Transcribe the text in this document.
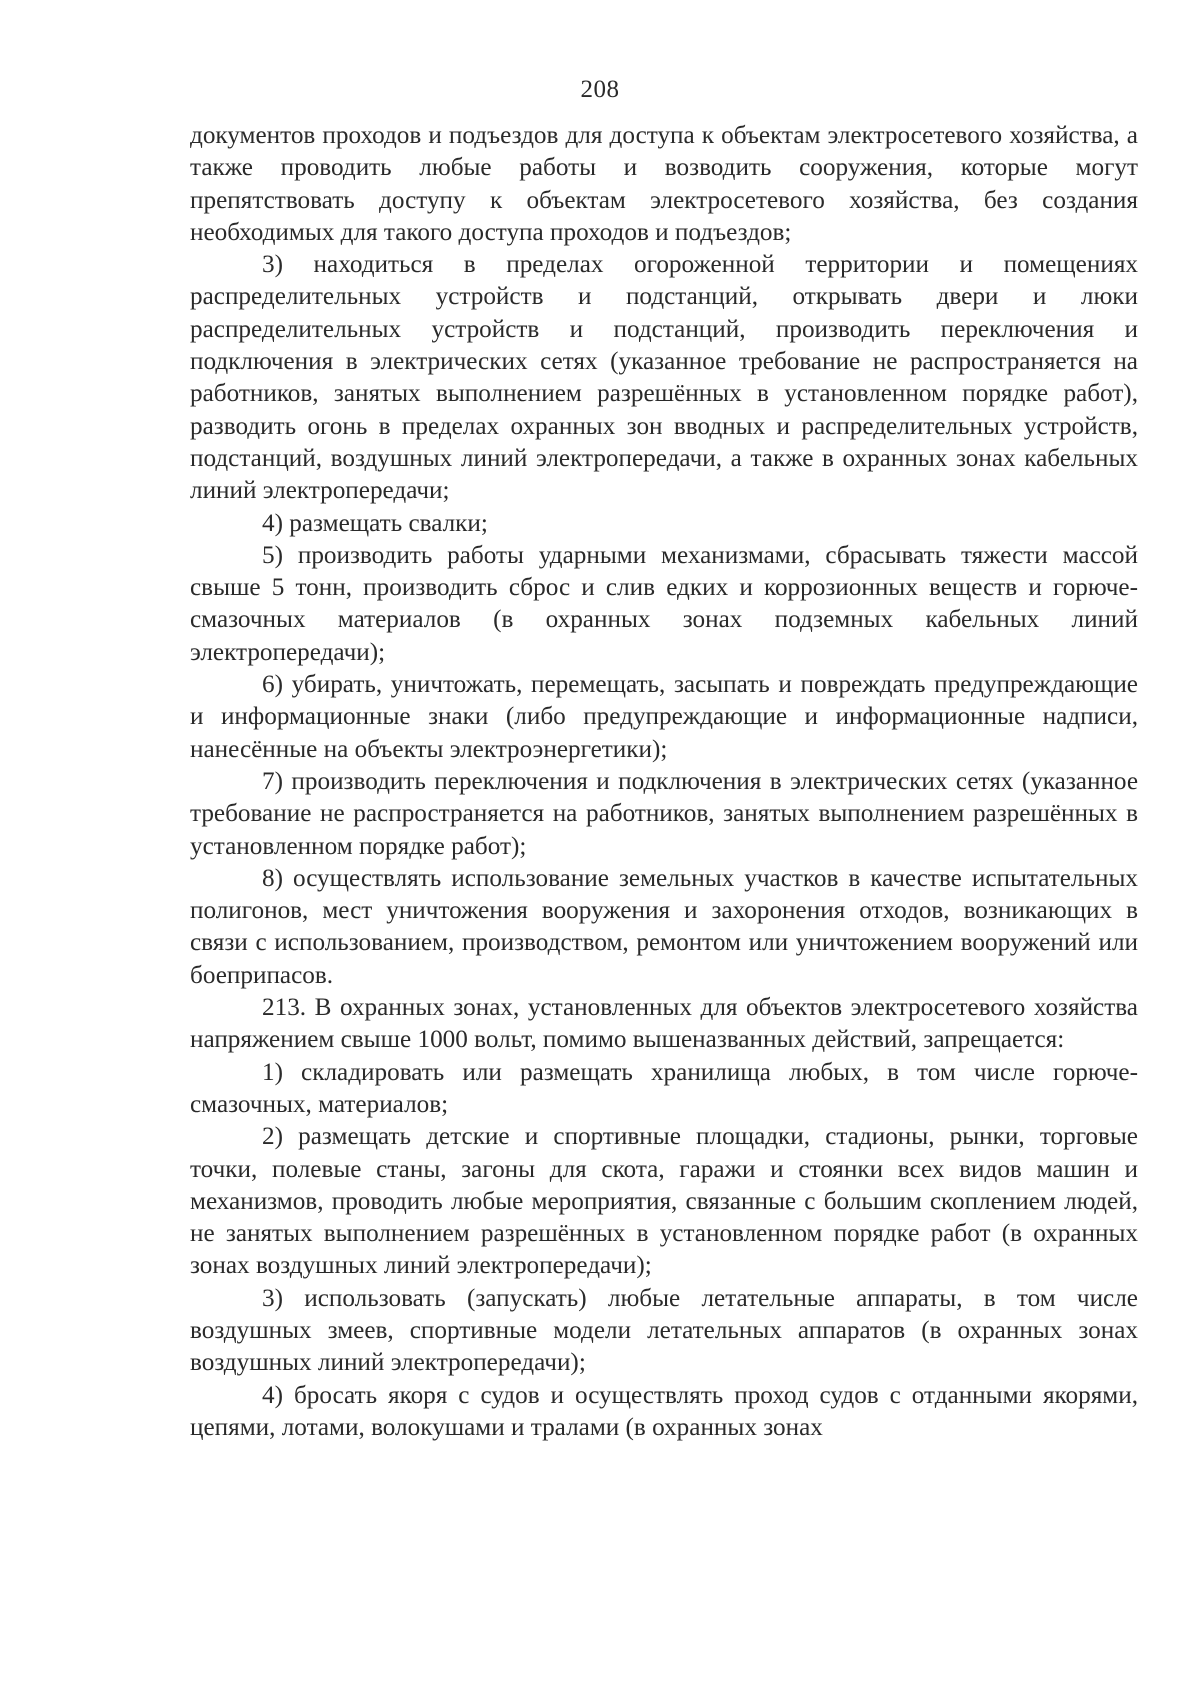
208

документов проходов и подъездов для доступа к объектам электросетевого хозяйства, а также проводить любые работы и возводить сооружения, которые могут препятствовать доступу к объектам электросетевого хозяйства, без создания необходимых для такого доступа проходов и подъездов;

3) находиться в пределах огороженной территории и помещениях распределительных устройств и подстанций, открывать двери и люки распределительных устройств и подстанций, производить переключения и подключения в электрических сетях (указанное требование не распространяется на работников, занятых выполнением разрешённых в установленном порядке работ), разводить огонь в пределах охранных зон вводных и распределительных устройств, подстанций, воздушных линий электропередачи, а также в охранных зонах кабельных линий электропередачи;

4) размещать свалки;

5) производить работы ударными механизмами, сбрасывать тяжести массой свыше 5 тонн, производить сброс и слив едких и коррозионных веществ и горюче-смазочных материалов (в охранных зонах подземных кабельных линий электропередачи);

6) убирать, уничтожать, перемещать, засыпать и повреждать предупреждающие и информационные знаки (либо предупреждающие и информационные надписи, нанесённые на объекты электроэнергетики);

7) производить переключения и подключения в электрических сетях (указанное требование не распространяется на работников, занятых выполнением разрешённых в установленном порядке работ);

8) осуществлять использование земельных участков в качестве испытательных полигонов, мест уничтожения вооружения и захоронения отходов, возникающих в связи с использованием, производством, ремонтом или уничтожением вооружений или боеприпасов.

213. В охранных зонах, установленных для объектов электросетевого хозяйства напряжением свыше 1000 вольт, помимо вышеназванных действий, запрещается:

1) складировать или размещать хранилища любых, в том числе горюче-смазочных, материалов;

2) размещать детские и спортивные площадки, стадионы, рынки, торговые точки, полевые станы, загоны для скота, гаражи и стоянки всех видов машин и механизмов, проводить любые мероприятия, связанные с большим скоплением людей, не занятых выполнением разрешённых в установленном порядке работ (в охранных зонах воздушных линий электропередачи);

3) использовать (запускать) любые летательные аппараты, в том числе воздушных змеев, спортивные модели летательных аппаратов (в охранных зонах воздушных линий электропередачи);

4) бросать якоря с судов и осуществлять проход судов с отданными якорями, цепями, лотами, волокушами и тралами (в охранных зонах
